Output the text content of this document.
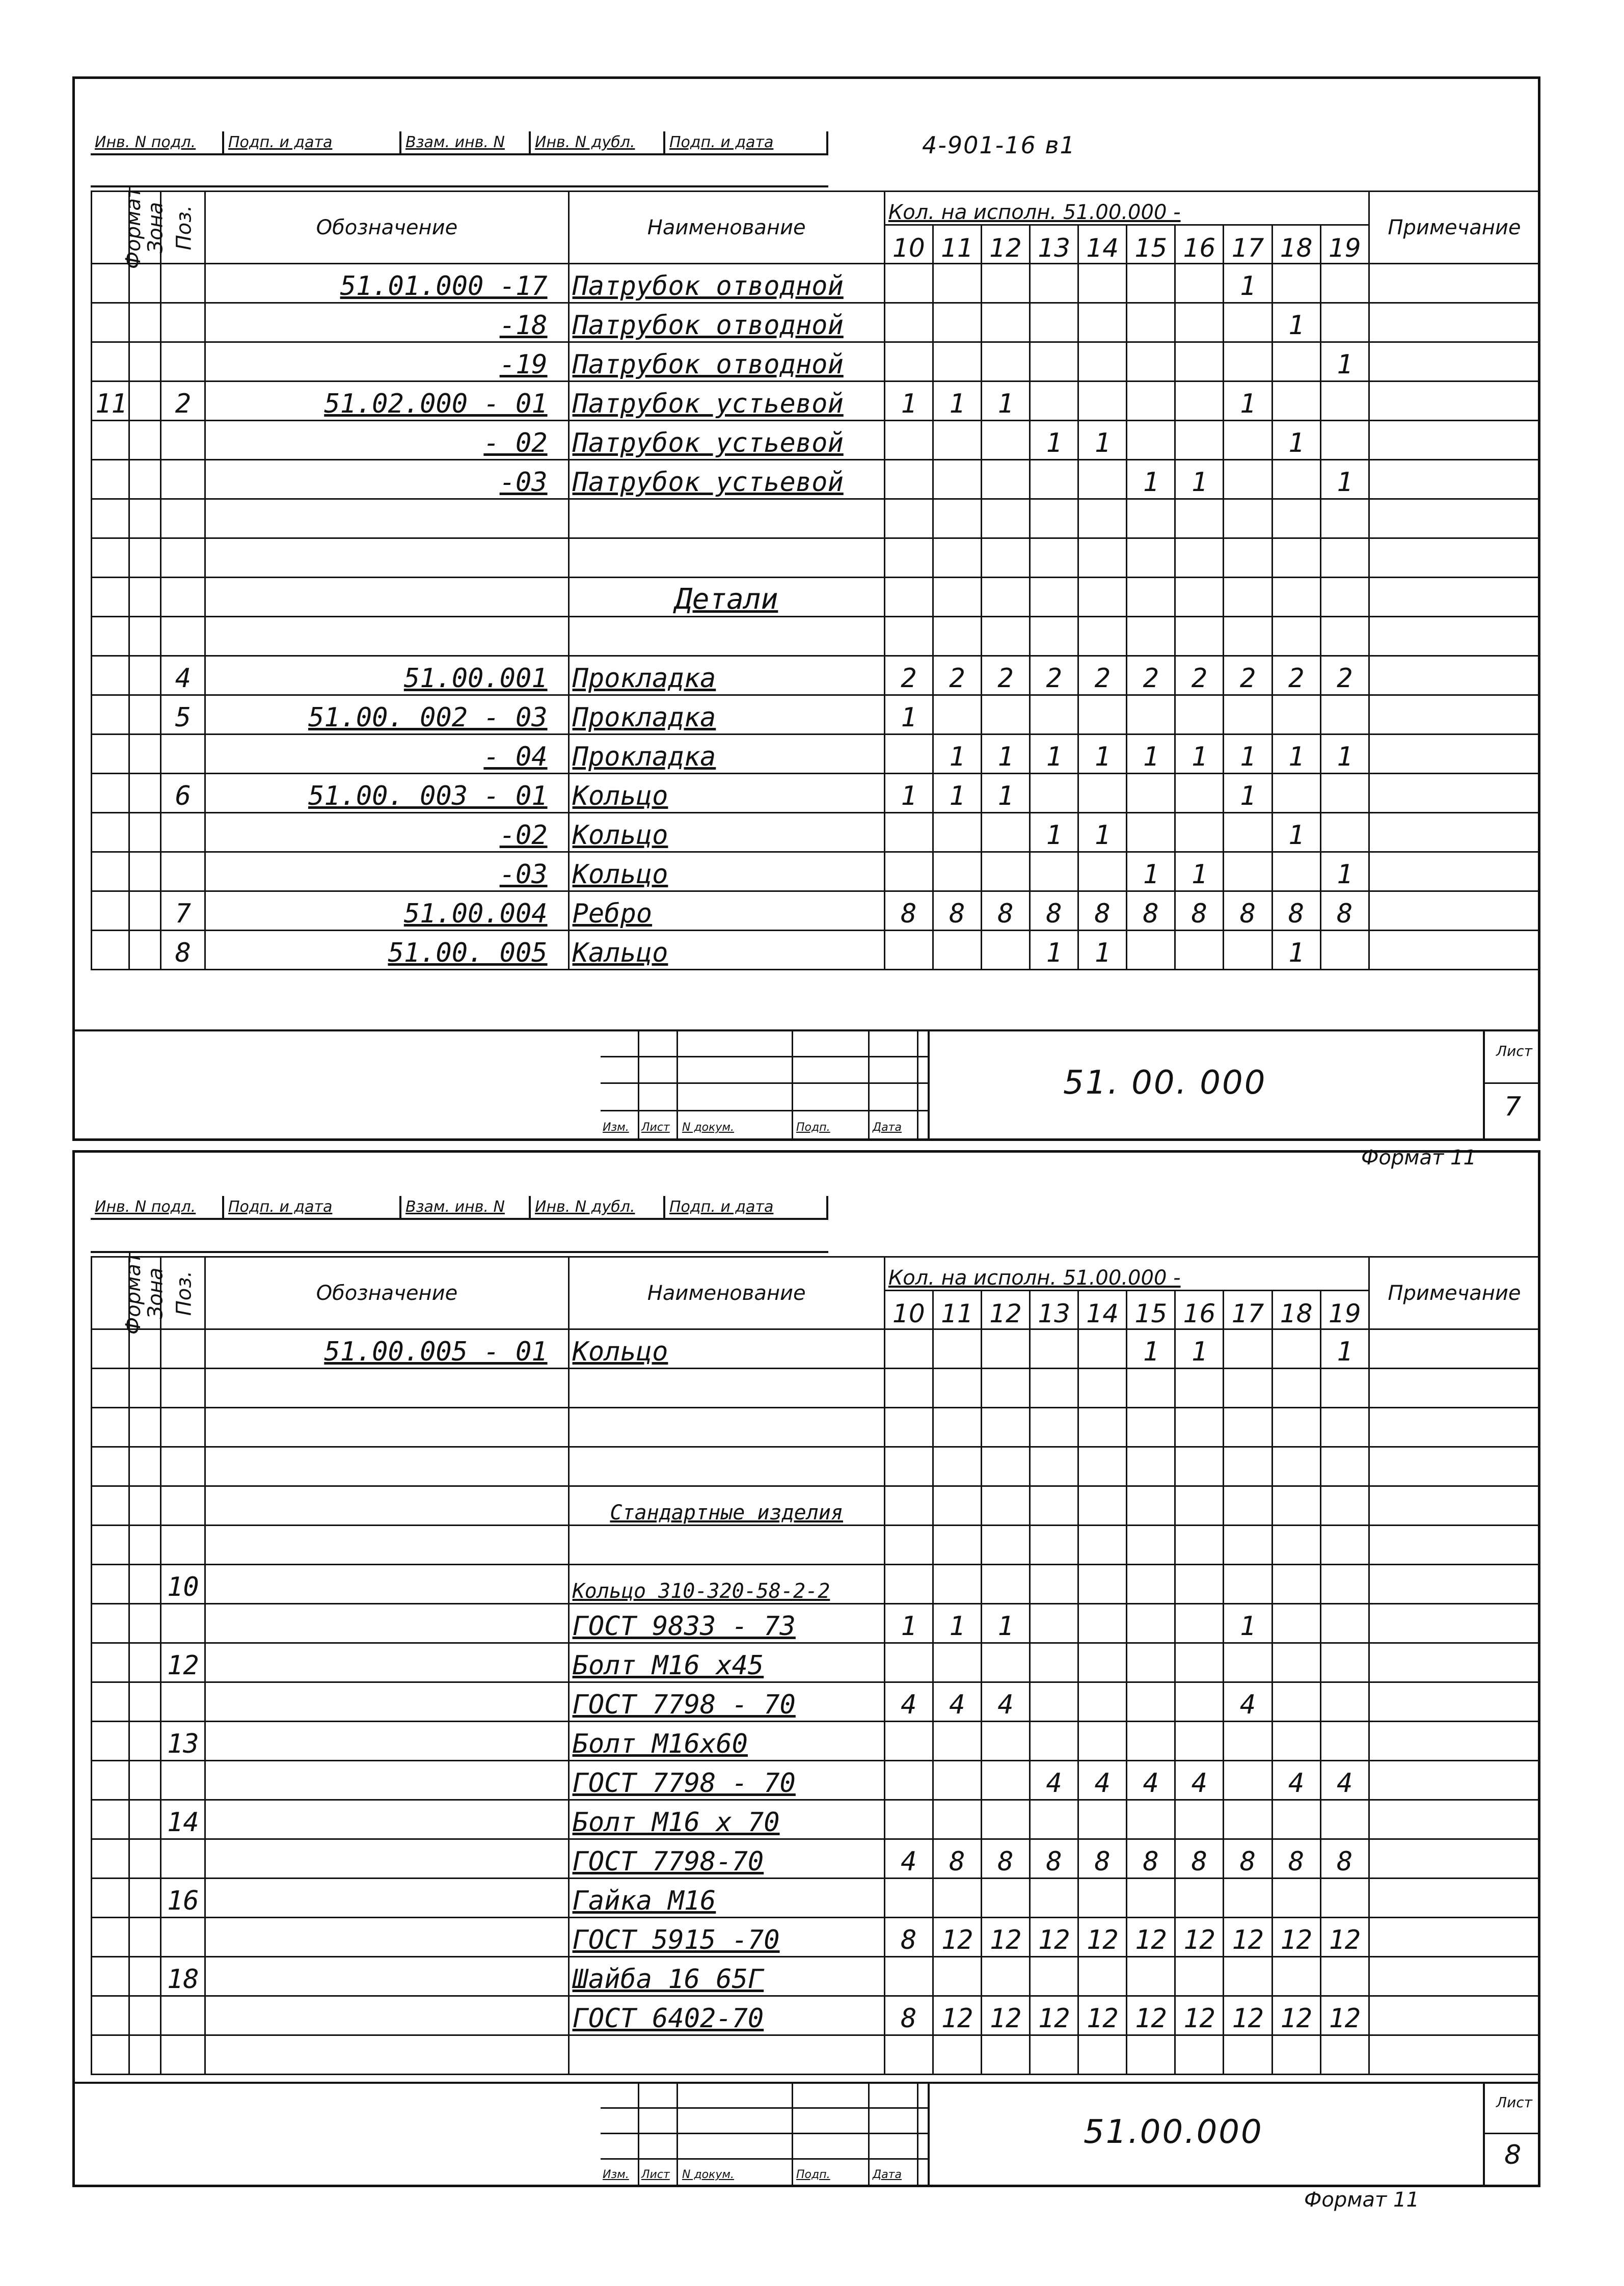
Инв. N подл.	Подп. и дата	Взам. инв. N	Инв. N дубл.	Подп. и дата	4-901-16 в1
Формат	Зона	Поз.	Обозначение	Наименование	Кол. на исполн. 51.00.000 -										Примечание
					10	11	12	13	14	15	16	17	18	19	
			51.01.000 -17	Патрубок отводной								1			
			-18	Патрубок отводной									1		
			-19	Патрубок отводной										1	
11		2	51.02.000 - 01	Патрубок устьевой	1	1	1					1			
			- 02	Патрубок устьевой				1	1				1		
			-03	Патрубок устьевой						1	1			1	

				Детали											

		4	51.00.001	Прокладка	2	2	2	2	2	2	2	2	2	2	
		5	51.00. 002 - 03	Прокладка	1										
			- 04	Прокладка		1	1	1	1	1	1	1	1	1	
		6	51.00. 003 - 01	Кольцо	1	1	1					1			
			-02	Кольцо				1	1				1		
			-03	Кольцо						1	1			1	
		7	51.00.004	Ребро	8	8	8	8	8	8	8	8	8	8	
		8	51.00. 005	Кальцо				1	1				1		
Изм. Лист N докум.	Подп.	Дата
51. 00. 000
Лист
7
Формат 11
Инв. N подл.	Подп. и дата	Взам. инв. N	Инв. N дубл.	Подп. и дата
Формат	Зона	Поз.	Обозначение	Наименование	Кол. на исполн. 51.00.000 -										Примечание
					10	11	12	13	14	15	16	17	18	19	
			51.00.005 - 01	Кольцо						1	1			1	

				Стандартные изделия											

		10		Кольцо 310-320-58-2-2											
				ГОСТ 9833 - 73	1	1	1					1			
		12		Болт М16 х45											
				ГОСТ 7798 - 70	4	4	4					4			
		13		Болт М16х60											
				ГОСТ 7798 - 70				4	4	4	4		4	4	
		14		Болт М16 х 70											
				ГОСТ 7798-70	4	8	8	8	8	8	8	8	8	8	
		16		Гайка М16											
				ГОСТ 5915 -70	8	12	12	12	12	12	12	12	12	12	
		18		Шайба 16 65Г											
				ГОСТ 6402-70	8	12	12	12	12	12	12	12	12	12	

Изм. Лист N докум.	Подп.	Дата
51.00.000
Лист
8
Формат 11
